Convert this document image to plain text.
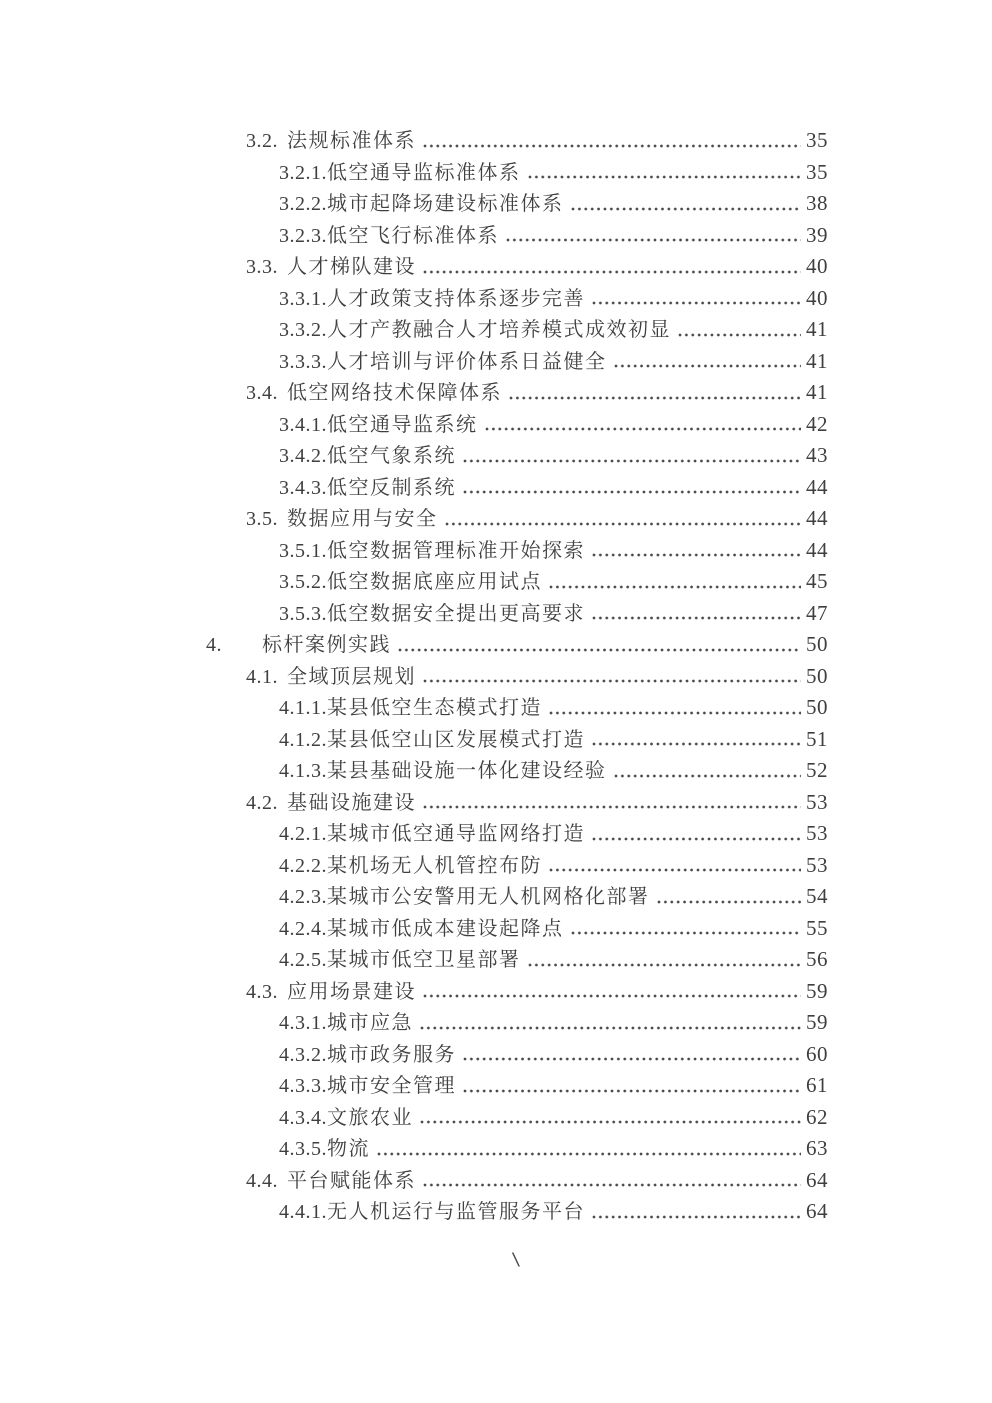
3.2. 法规标准体系	35
3.2.1. 低空通导监标准体系	35
3.2.2. 城市起降场建设标准体系	38
3.2.3. 低空飞行标准体系	39
3.3. 人才梯队建设	40
3.3.1. 人才政策支持体系逐步完善	40
3.3.2. 人才产教融合人才培养模式成效初显	41
3.3.3. 人才培训与评价体系日益健全	41
3.4. 低空网络技术保障体系	41
3.4.1. 低空通导监系统	42
3.4.2. 低空气象系统	43
3.4.3. 低空反制系统	44
3.5. 数据应用与安全	44
3.5.1. 低空数据管理标准开始探索	44
3.5.2. 低空数据底座应用试点	45
3.5.3. 低空数据安全提出更高要求	47
4.	标杆案例实践	50
4.1. 全域顶层规划	50
4.1.1. 某县低空生态模式打造	50
4.1.2. 某县低空山区发展模式打造	51
4.1.3. 某县基础设施一体化建设经验	52
4.2. 基础设施建设	53
4.2.1. 某城市低空通导监网络打造	53
4.2.2. 某机场无人机管控布防	53
4.2.3. 某城市公安警用无人机网格化部署	54
4.2.4. 某城市低成本建设起降点	55
4.2.5. 某城市低空卫星部署	56
4.3. 应用场景建设	59
4.3.1. 城市应急	59
4.3.2. 城市政务服务	60
4.3.3. 城市安全管理	61
4.3.4. 文旅农业	62
4.3.5. 物流	63
4.4. 平台赋能体系	64
4.4.1. 无人机运行与监管服务平台	64
\
